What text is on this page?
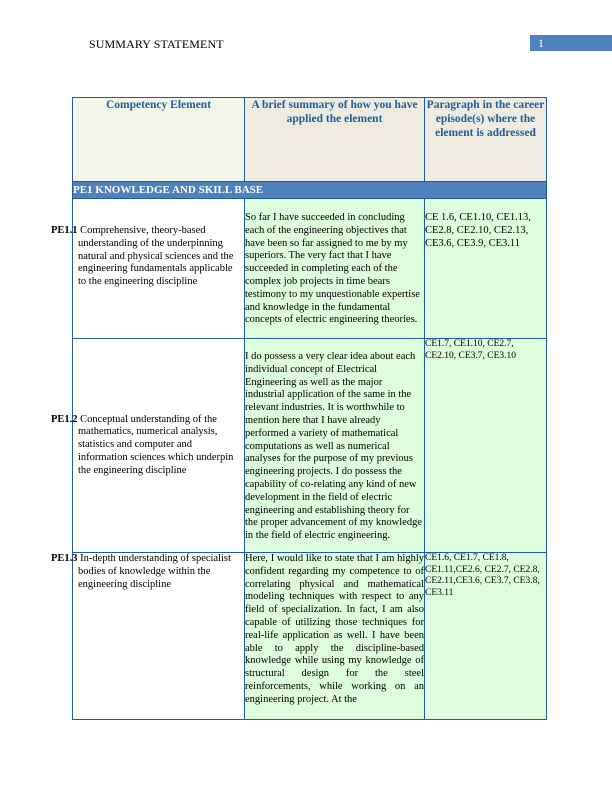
SUMMARY STATEMENT	1
Competency Element	A brief summary of how you have applied the element	Paragraph in the career episode(s) where the element is addressed
PE1 KNOWLEDGE AND SKILL BASE		

PE1.1 Comprehensive, theory-based understanding of the underpinning natural and physical sciences and the engineering fundamentals applicable to the engineering discipline	So far I have succeeded in concluding each of the engineering objectives that have been so far assigned to me by my superiors. The very fact that I have succeeded in completing each of the complex job projects in time bears testimony to my unquestionable expertise and knowledge in the fundamental concepts of electric engineering theories.	CE 1.6, CE1.10, CE1.13, CE2.8, CE2.10, CE2.13, CE3.6, CE3.9, CE3.11

PE1.2 Conceptual understanding of the mathematics, numerical analysis, statistics and computer and information sciences which underpin the engineering discipline	I do possess a very clear idea about each individual concept of Electrical Engineering as well as the major industrial application of the same in the relevant industries. It is worthwhile to mention here that I have already performed a variety of mathematical computations as well as numerical analyses for the purpose of my previous engineering projects. I do possess the capability of co-relating any kind of new development in the field of electric engineering and establishing theory for the proper advancement of my knowledge in the field of electric engineering.	CE1.7, CE1.10, CE2.7, CE2.10, CE3.7, CE3.10

PE1.3 In-depth understanding of specialist bodies of knowledge within the engineering discipline	Here, I would like to state that I am highly confident regarding my competence to of correlating physical and mathematical modeling techniques with respect to any field of specialization. In fact, I am also capable of utilizing those techniques for real-life application as well. I have been able to apply the discipline-based knowledge while using my knowledge of structural design for the steel reinforcements, while working on an engineering project. At the	CE1.6, CE1.7, CE1.8, CE1.11,CE2.6, CE2.7, CE2.8, CE2.11,CE3.6, CE3.7, CE3.8, CE3.11
